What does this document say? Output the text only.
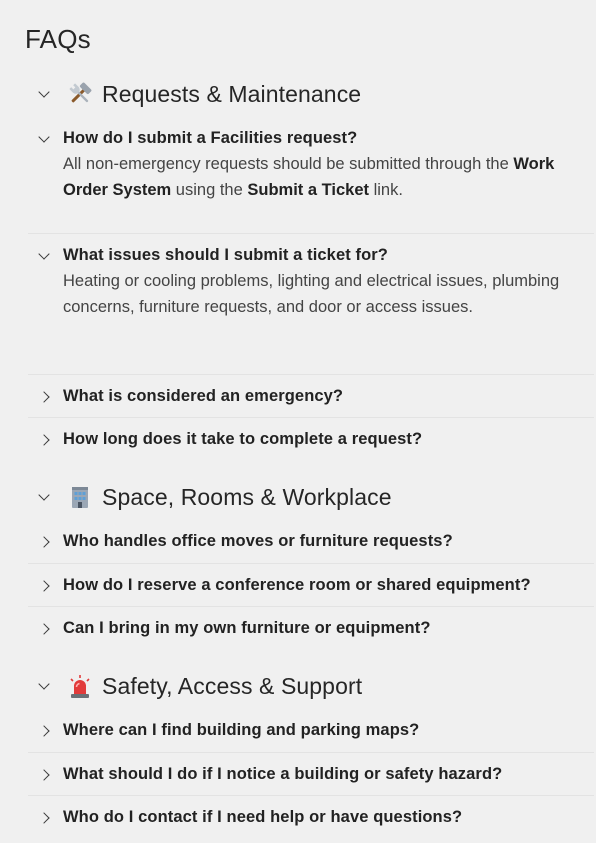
FAQs
Requests & Maintenance
How do I submit a Facilities request?
All non-emergency requests should be submitted through the Work Order System using the Submit a Ticket link.
What issues should I submit a ticket for?
Heating or cooling problems, lighting and electrical issues, plumbing concerns, furniture requests, and door or access issues.
What is considered an emergency?
How long does it take to complete a request?
Space, Rooms & Workplace
Who handles office moves or furniture requests?
How do I reserve a conference room or shared equipment?
Can I bring in my own furniture or equipment?
Safety, Access & Support
Where can I find building and parking maps?
What should I do if I notice a building or safety hazard?
Who do I contact if I need help or have questions?
